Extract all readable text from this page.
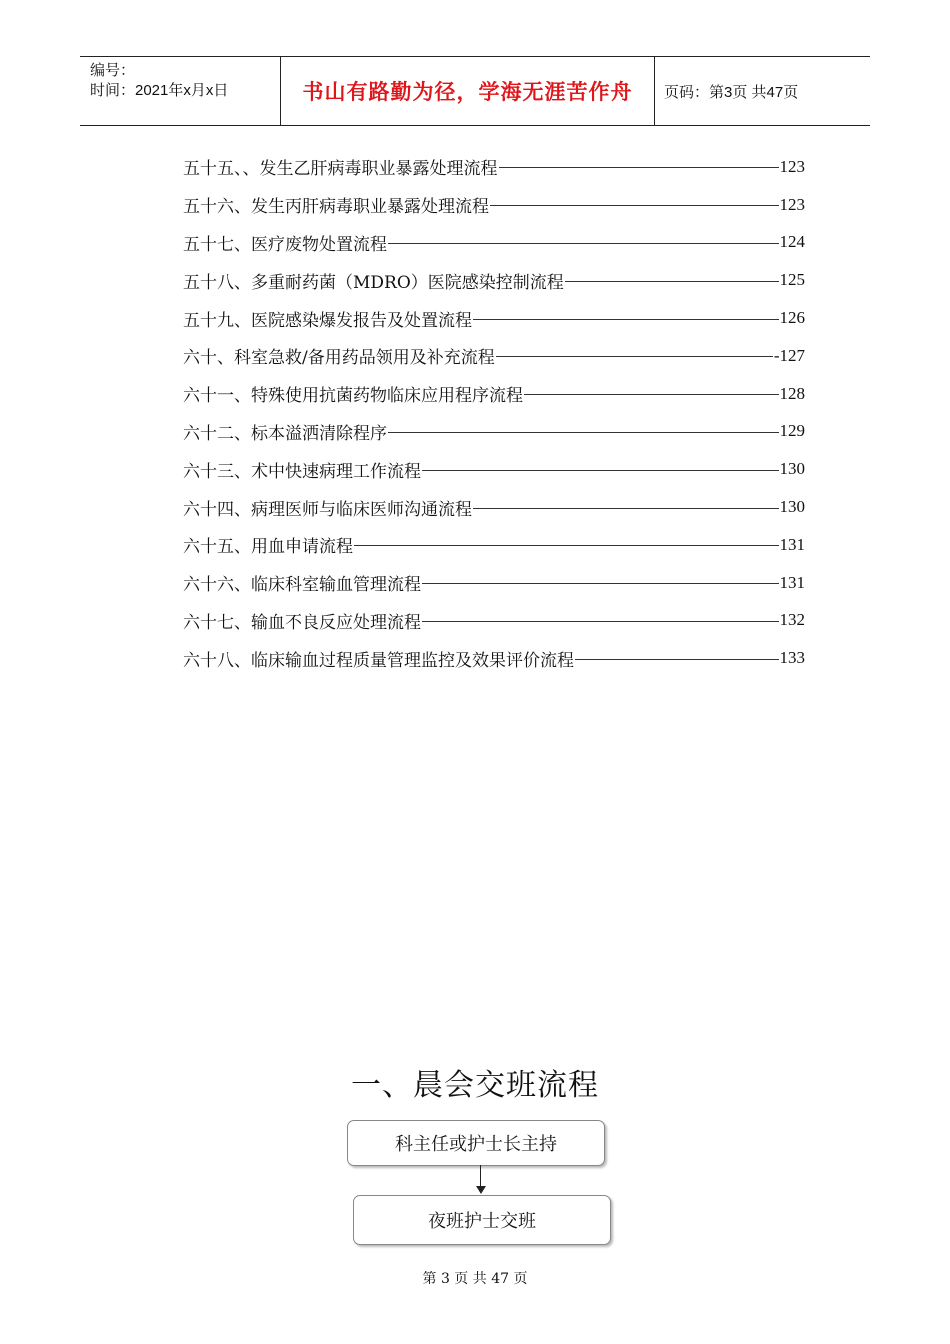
编号：
时间：2021年x月x日	书山有路勤为径，学海无涯苦作舟	页码：第3页 共47页
五十五、、发生乙肝病毒职业暴露处理流程	123
五十六、发生丙肝病毒职业暴露处理流程	123
五十七、医疗废物处置流程	124
五十八、多重耐药菌（MDRO）医院感染控制流程	125
五十九、医院感染爆发报告及处置流程	126
六十、科室急救/备用药品领用及补充流程	-127
六十一、特殊使用抗菌药物临床应用程序流程	128
六十二、标本溢洒清除程序	129
六十三、术中快速病理工作流程	130
六十四、病理医师与临床医师沟通流程	130
六十五、用血申请流程	131
六十六、临床科室输血管理流程	131
六十七、输血不良反应处理流程	132
六十八、临床输血过程质量管理监控及效果评价流程	133
一、晨会交班流程
科主任或护士长主持
夜班护士交班
第 3 页 共 47 页
